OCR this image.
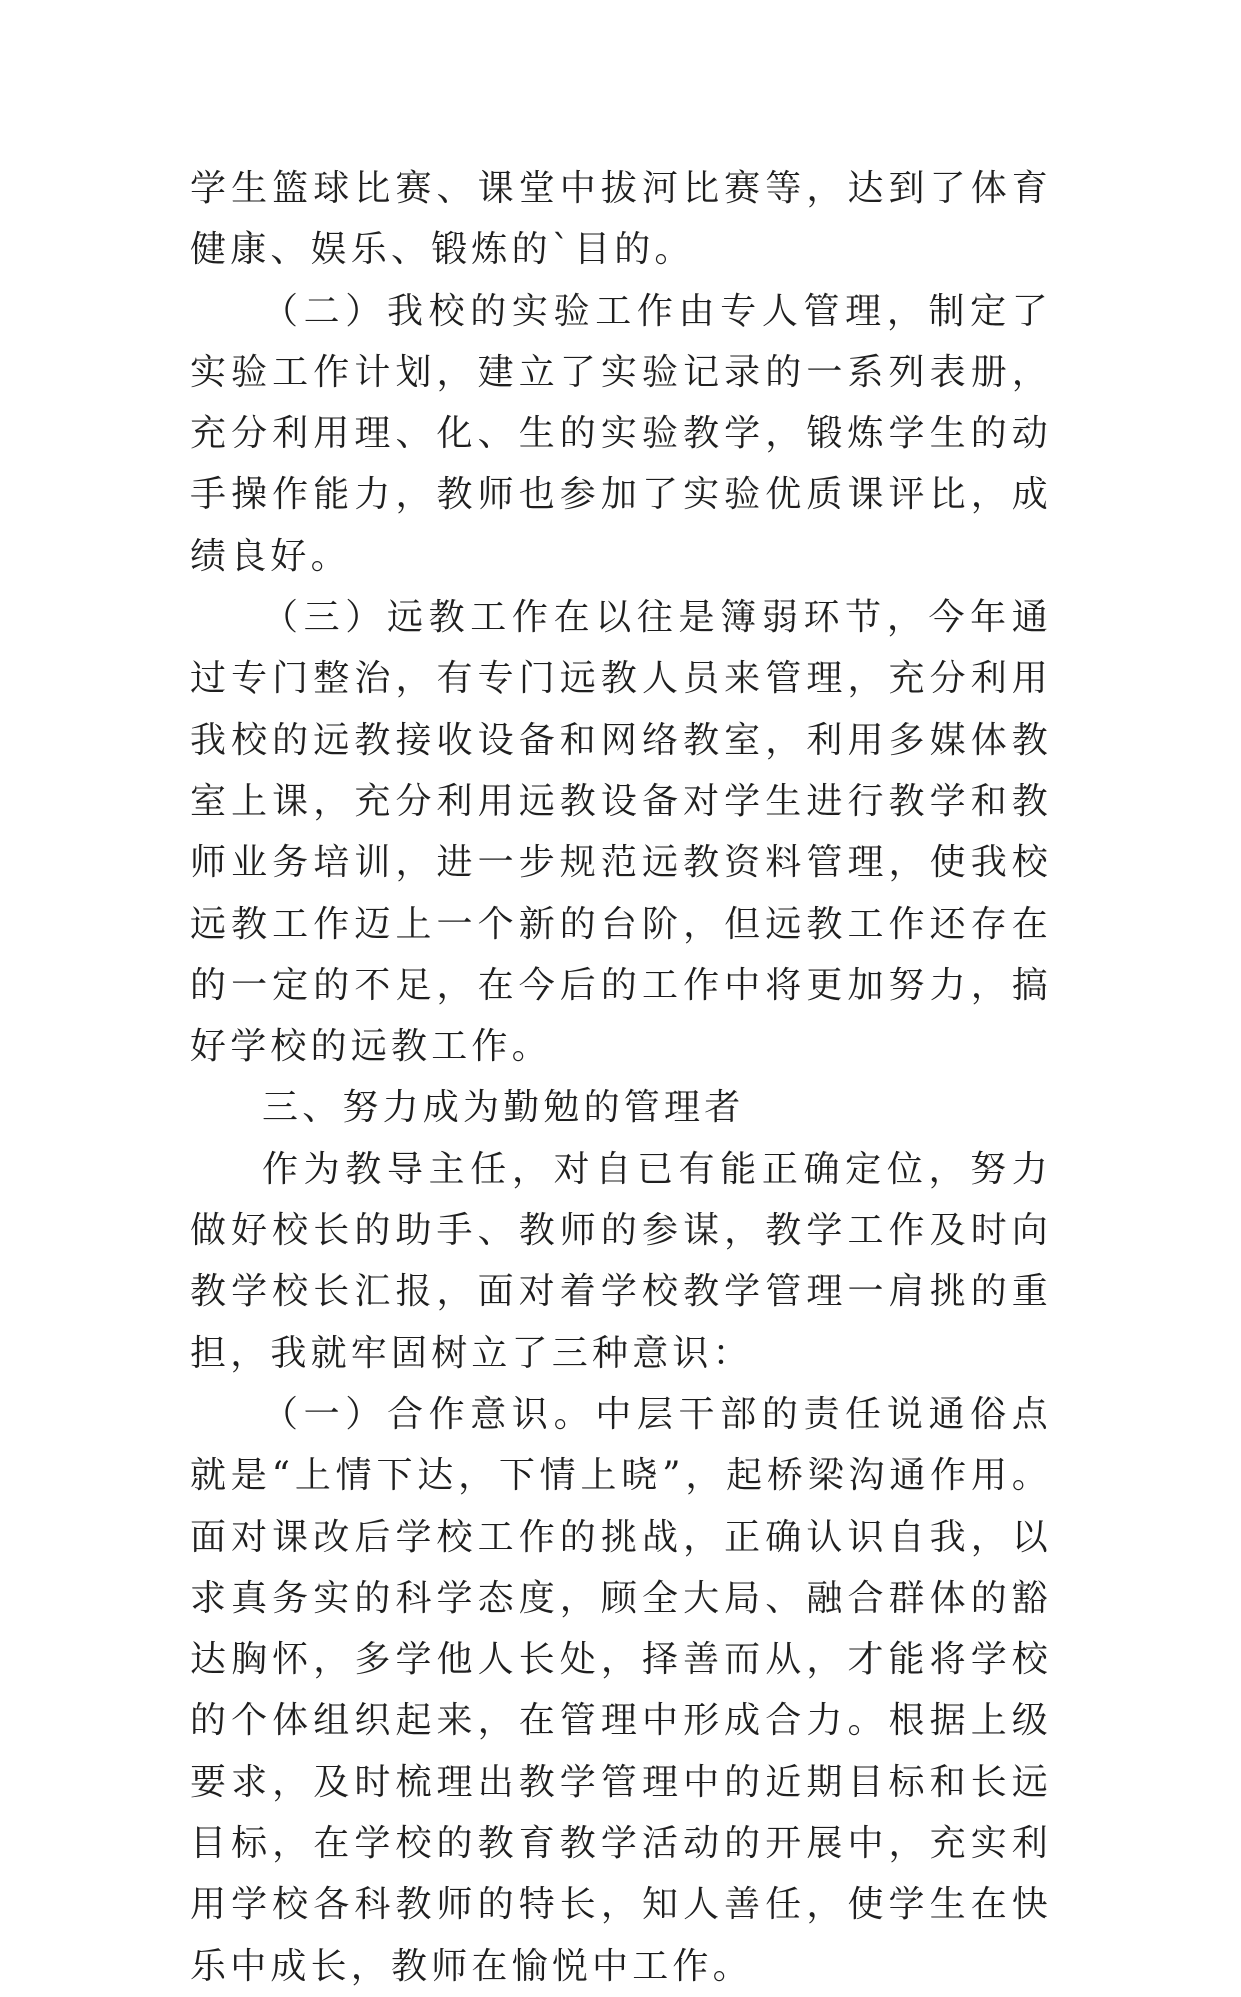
学生篮球比赛、课堂中拔河比赛等，达到了体育健康、娱乐、锻炼的`目的。

（二）我校的实验工作由专人管理，制定了实验工作计划，建立了实验记录的一系列表册，充分利用理、化、生的实验教学，锻炼学生的动手操作能力，教师也参加了实验优质课评比，成绩良好。

（三）远教工作在以往是簿弱环节，今年通过专门整治，有专门远教人员来管理，充分利用我校的远教接收设备和网络教室，利用多媒体教室上课，充分利用远教设备对学生进行教学和教师业务培训，进一步规范远教资料管理，使我校远教工作迈上一个新的台阶，但远教工作还存在的一定的不足，在今后的工作中将更加努力，搞好学校的远教工作。

三、努力成为勤勉的管理者

作为教导主任，对自已有能正确定位，努力做好校长的助手、教师的参谋，教学工作及时向教学校长汇报，面对着学校教学管理一肩挑的重担，我就牢固树立了三种意识：

（一）合作意识。中层干部的责任说通俗点就是“上情下达，下情上晓”，起桥梁沟通作用。面对课改后学校工作的挑战，正确认识自我，以求真务实的科学态度，顾全大局、融合群体的豁达胸怀，多学他人长处，择善而从，才能将学校的个体组织起来，在管理中形成合力。根据上级要求，及时梳理出教学管理中的近期目标和长远目标，在学校的教育教学活动的开展中，充实利用学校各科教师的特长，知人善任，使学生在快乐中成长，教师在愉悦中工作。
